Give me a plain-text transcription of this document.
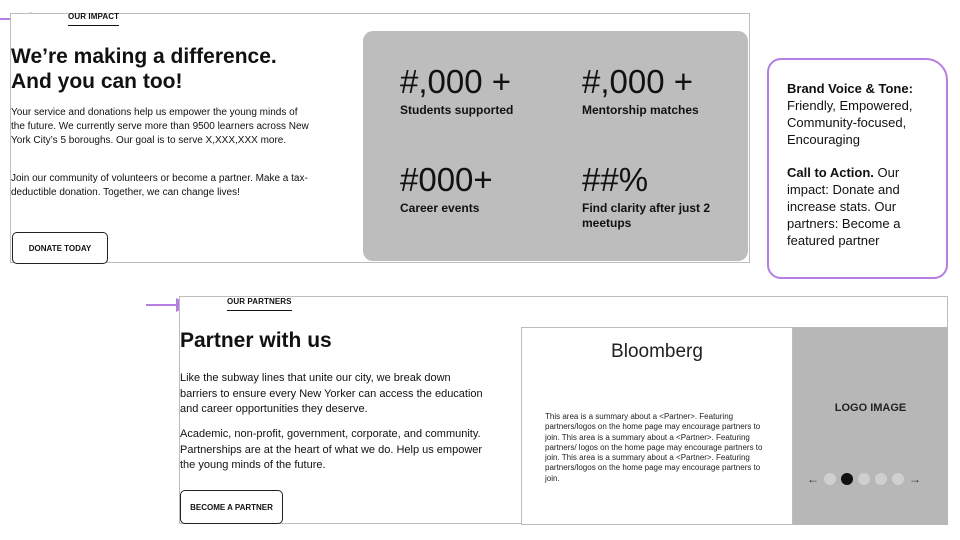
OUR IMPACT
We’re making a difference.
And you can too!

Your service and donations help us empower the young minds of the future. We currently serve more than 9500 learners across New York City’s 5 boroughs. Our goal is to serve X,XXX,XXX more.

Join our community of volunteers or become a partner. Make a tax-deductible donation. Together, we can change lives!

DONATE TODAY
#,000 +
Students supported
#,000 +
Mentorship matches
#000+
Career events
##%
Find clarity after just 2 meetups

Brand Voice & Tone: Friendly, Empowered, Community-focused, Encouraging

Call to Action. Our impact: Donate and increase stats. Our partners: Become a featured partner

OUR PARTNERS
Partner with us

Like the subway lines that unite our city, we break down barriers to ensure every New Yorker can access the education and career opportunities they deserve.

Academic, non-profit, government, corporate, and community. Partnerships are at the heart of what we do. Help us empower the young minds of the future.

BECOME A PARTNER
Bloomberg

This area is a summary about a <Partner>. Featuring partners/logos on the home page may encourage partners to join. This area is a summary about a <Partner>. Featuring partners/ logos on the home page may encourage partners to join. This area is a summary about a <Partner>. Featuring partners/logos on the home page may encourage partners to join.

LOGO IMAGE
←	→
